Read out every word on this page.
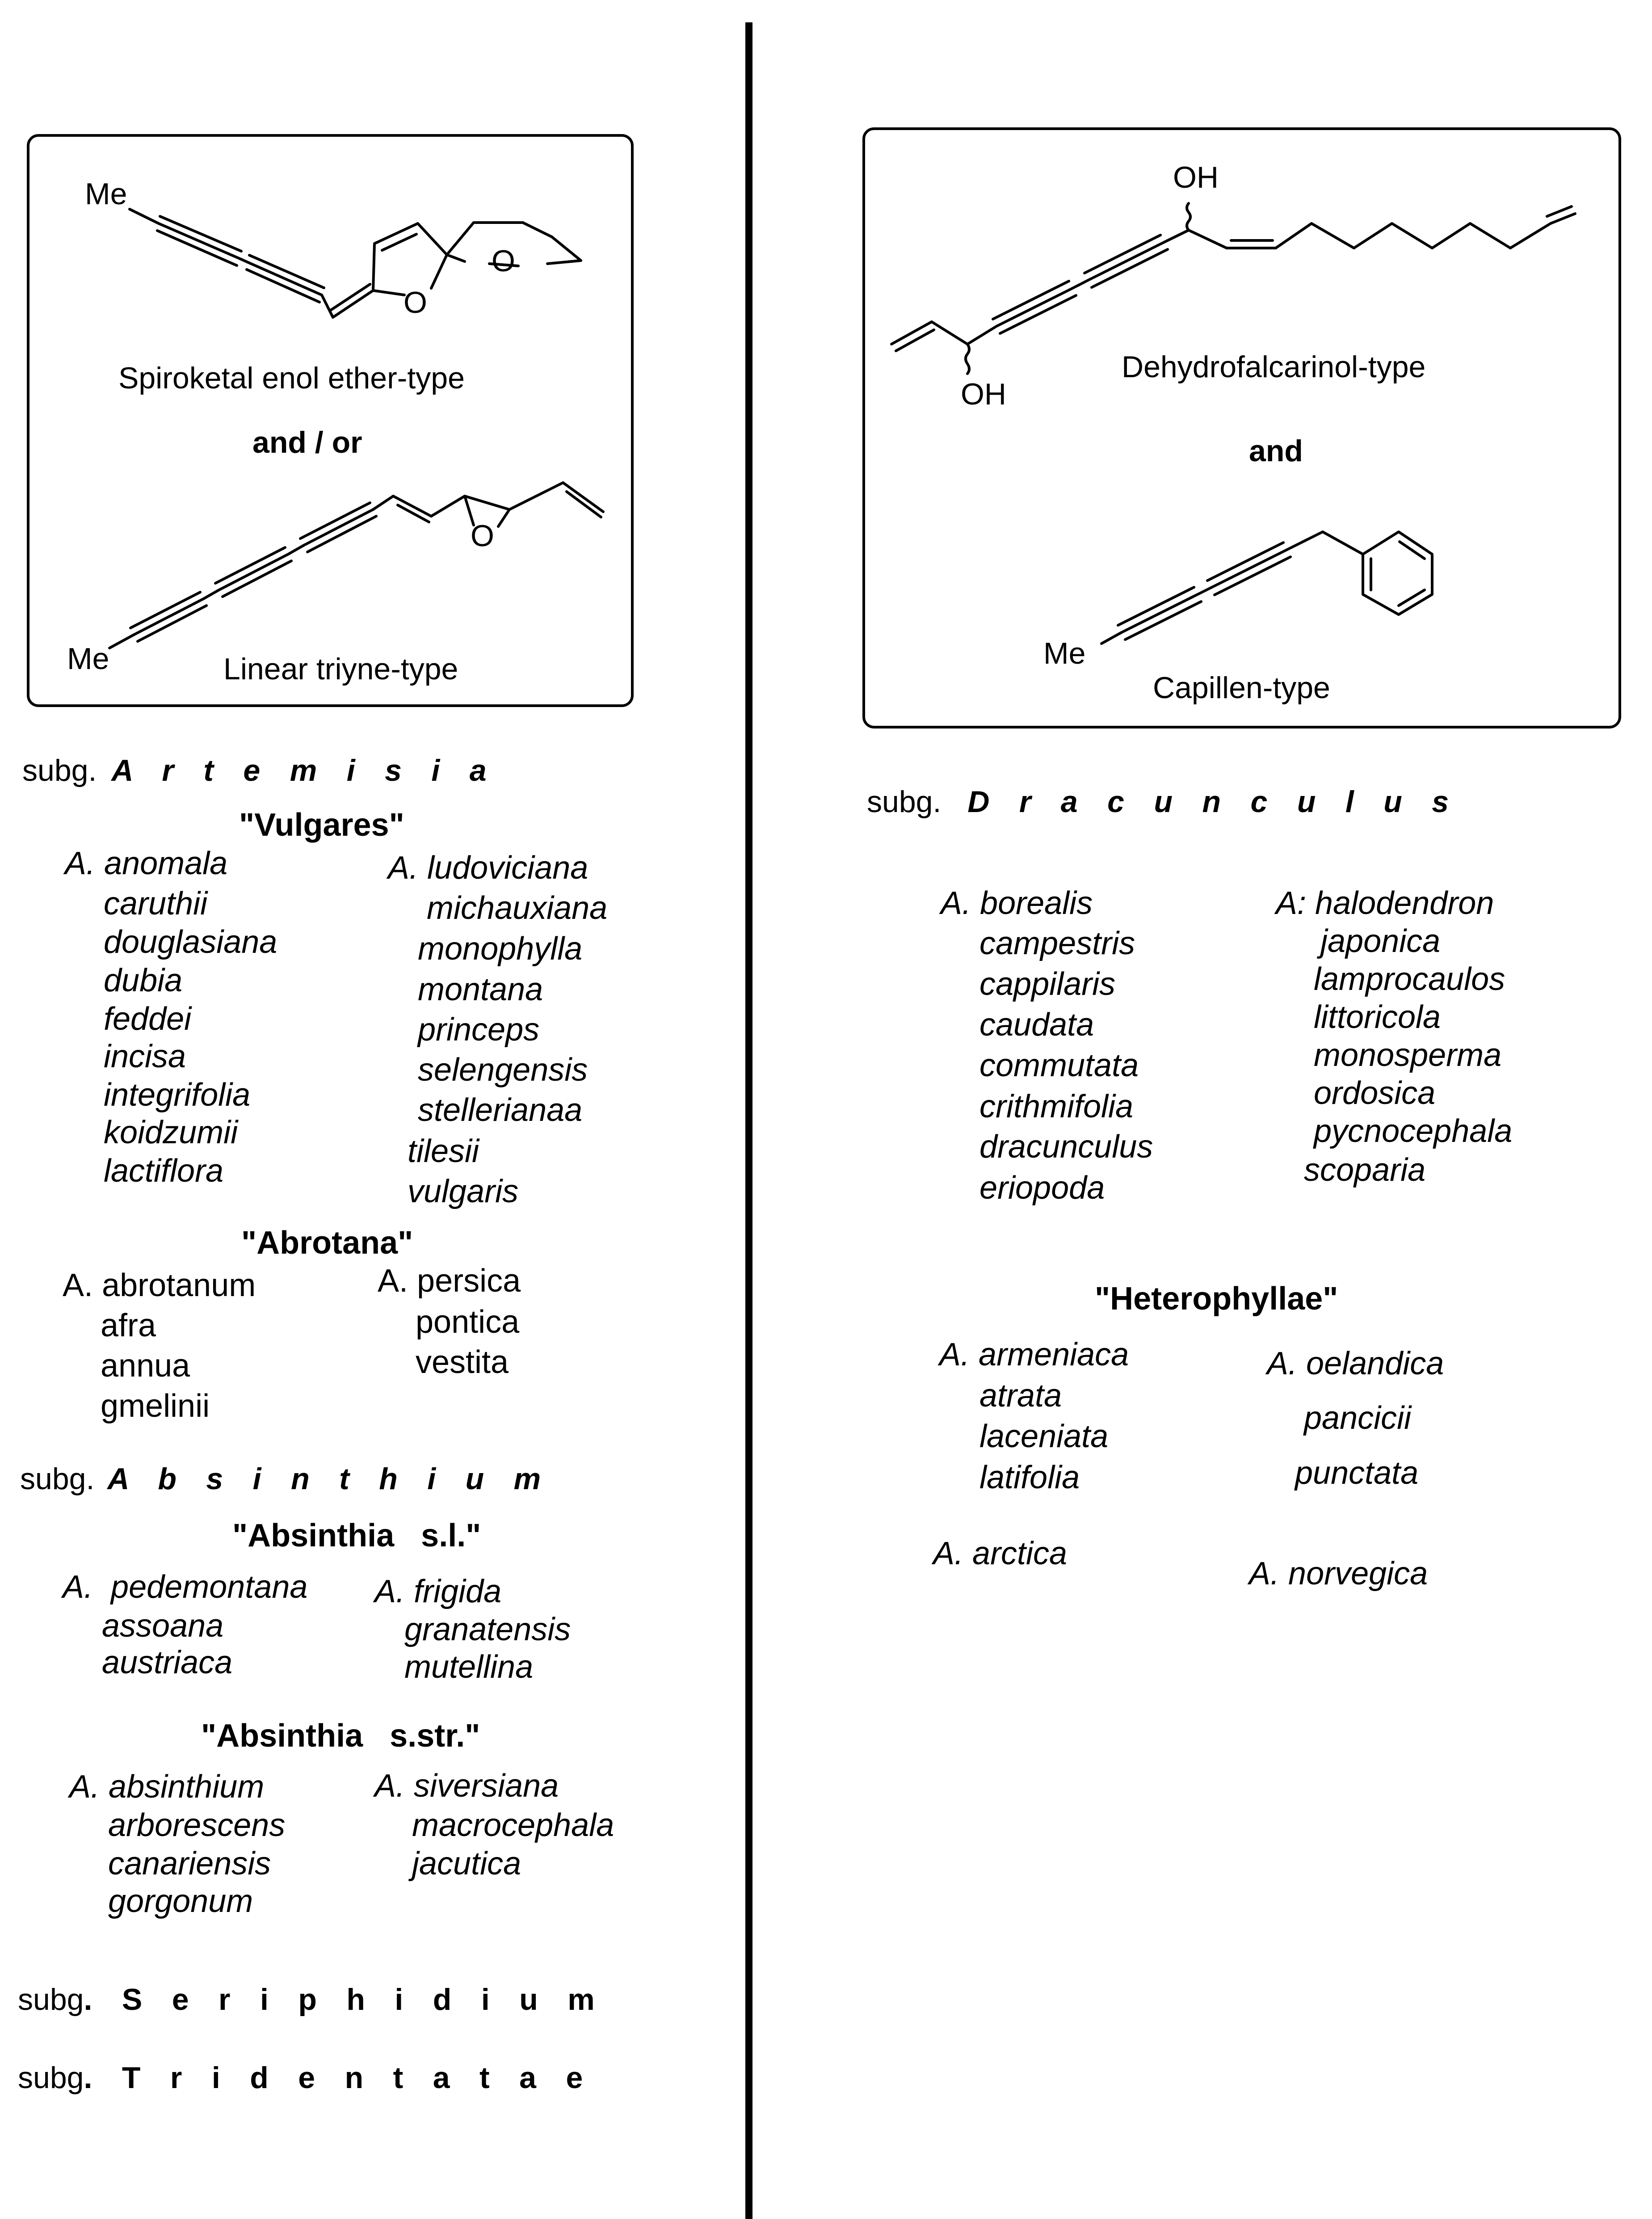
Me
O
O
Spiroketal enol ether-type
and / or
O
Me	Linear triyne-type
OH
OH
Dehydrofalcarinol-type
and
Me
Capillen-type
subg. A r t e m i s i a
"Vulgares"
A. anomala
caruthii
douglasiana
dubia
feddei
incisa
integrifolia
koidzumii
lactiflora
A. ludoviciana
michauxiana
monophylla
montana
princeps
selengensis
stellerianaa
tilesii
vulgaris
"Abrotana"
A. abrotanum
afra
annua
gmelinii
A. persica
pontica
vestita
subg. A b s i n t h i u m
"Absinthia   s.l."
A.  pedemontana
assoana
austriaca
A. frigida
granatensis
mutellina
"Absinthia   s.str."
A. absinthium
arborescens
canariensis
gorgonum
A. siversiana
macrocephala
jacutica
subg. S e r i p h i d i u m
subg. T r i d e n t a t a e
subg. D r a c u n c u l u s
A. borealis
campestris
cappilaris
caudata
commutata
crithmifolia
dracunculus
eriopoda
A: halodendron
japonica
lamprocaulos
littoricola
monosperma
ordosica
pycnocephala
scoparia
"Heterophyllae"
A. armeniaca
atrata
laceniata
latifolia
A. oelandica
pancicii
punctata
A. arctica
A. norvegica
